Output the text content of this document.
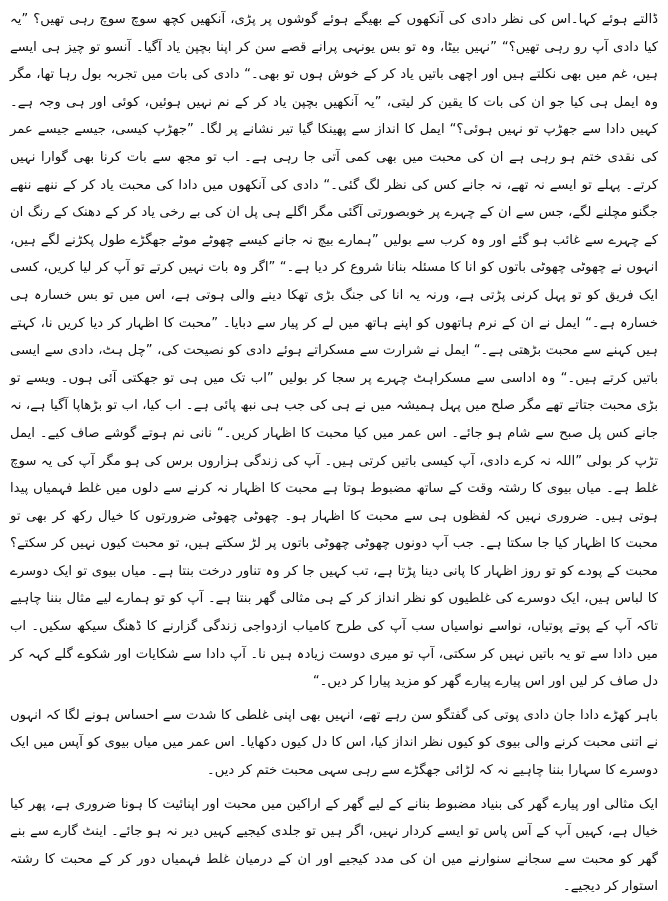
ڈالتے ہوئے کہا۔اس کی نظر دادی کی آنکھوں کے بھیگے ہوئے گوشوں پر پڑی، آنکھیں کچھ سوچ سوچ رہی تھیں؟ ”یہ کیا دادی آپ رو رہی تھیں؟“ ”نہیں بیٹا، وہ تو بس یونہی پرانے قصے سن کر اپنا بچپن یاد آگیا۔ آنسو تو چیز ہی ایسے ہیں، غم میں بھی نکلتے ہیں اور اچھی باتیں یاد کر کے خوش ہوں تو بھی۔“ دادی کی بات میں تجربہ بول رہا تھا، مگر وہ ایمل ہی کیا جو ان کی بات کا یقین کر لیتی، ”یہ آنکھیں بچپن یاد کر کے نم نہیں ہوئیں، کوئی اور ہی وجہ ہے۔ کہیں دادا سے جھڑپ تو نہیں ہوئی؟“ ایمل کا انداز سے پھینکا گیا تیر نشانے پر لگا۔ ”جھڑپ کیسی، جیسے جیسے عمر کی نقدی ختم ہو رہی ہے ان کی محبت میں بھی کمی آتی جا رہی ہے۔ اب تو مجھ سے بات کرنا بھی گوارا نہیں کرتے۔ پہلے تو ایسے نہ تھے، نہ جانے کس کی نظر لگ گئی۔“ دادی کی آنکھوں میں دادا کی محبت یاد کر کے ننھے ننھے جگنو مچلنے لگے، جس سے ان کے چہرے پر خوبصورتی آگئی مگر اگلے ہی پل ان کی بے رخی یاد کر کے دھنک کے رنگ ان کے چہرے سے غائب ہو گئے اور وہ کرب سے بولیں ”ہمارے بیچ نہ جانے کیسے چھوٹے موٹے جھگڑے طول پکڑنے لگے ہیں، انہوں نے چھوٹی چھوٹی باتوں کو انا کا مسئلہ بنانا شروع کر دیا ہے۔“ ”اگر وہ بات نہیں کرتے تو آپ کر لیا کریں، کسی ایک فریق کو تو پہل کرنی پڑتی ہے، ورنہ یہ انا کی جنگ بڑی تھکا دینے والی ہوتی ہے، اس میں تو بس خسارہ ہی خسارہ ہے۔“ ایمل نے ان کے نرم ہاتھوں کو اپنے ہاتھ میں لے کر پیار سے دبایا۔ ”محبت کا اظہار کر دیا کریں نا، کہتے ہیں کہنے سے محبت بڑھتی ہے۔“ ایمل نے شرارت سے مسکراتے ہوئے دادی کو نصیحت کی، ”چل ہٹ، دادی سے ایسی باتیں کرتے ہیں۔“ وہ اداسی سے مسکراہٹ چہرے پر سجا کر بولیں ”اب تک میں ہی تو جھکتی آئی ہوں۔ ویسے تو بڑی محبت جتاتے تھے مگر صلح میں پہل ہمیشہ میں نے ہی کی جب ہی نبھ پائی ہے۔ اب کیا، اب تو بڑھاپا آگیا ہے، نہ جانے کس پل صبح سے شام ہو جائے۔ اس عمر میں کیا محبت کا اظہار کریں۔“ نانی نم ہوتے گوشے صاف کیے۔ ایمل تڑپ کر بولی ”اللہ نہ کرے دادی، آپ کیسی باتیں کرتی ہیں۔ آپ کی زندگی ہزاروں برس کی ہو مگر آپ کی یہ سوچ غلط ہے۔ میاں بیوی کا رشتہ وقت کے ساتھ مضبوط ہوتا ہے محبت کا اظہار نہ کرنے سے دلوں میں غلط فہمیاں پیدا ہوتی ہیں۔ ضروری نہیں کہ لفظوں ہی سے محبت کا اظہار ہو۔ چھوٹی چھوٹی ضرورتوں کا خیال رکھ کر بھی تو محبت کا اظہار کیا جا سکتا ہے۔ جب آپ دونوں چھوٹی چھوٹی باتوں پر لڑ سکتے ہیں، تو محبت کیوں نہیں کر سکتے؟ محبت کے پودے کو تو روز اظہار کا پانی دینا پڑتا ہے، تب کہیں جا کر وہ تناور درخت بنتا ہے۔ میاں بیوی تو ایک دوسرے کا لباس ہیں، ایک دوسرے کی غلطیوں کو نظر انداز کر کے ہی مثالی گھر بنتا ہے۔ آپ کو تو ہمارے لیے مثال بننا چاہیے تاکہ آپ کے پوتے پوتیاں، نواسے نواسیاں سب آپ کی طرح کامیاب ازدواجی زندگی گزارنے کا ڈھنگ سیکھ سکیں۔ اب میں دادا سے تو یہ باتیں نہیں کر سکتی، آپ تو میری دوست زیادہ ہیں نا۔ آپ دادا سے شکایات اور شکوے گلے کہہ کر دل صاف کر لیں اور اس پیارے پیارے گھر کو مزید پیارا کر دیں۔“

باہر کھڑے دادا جان دادی پوتی کی گفتگو سن رہے تھے، انہیں بھی اپنی غلطی کا شدت سے احساس ہونے لگا کہ انہوں نے اتنی محبت کرنے والی بیوی کو کیوں نظر انداز کیا، اس کا دل کیوں دکھایا۔ اس عمر میں میاں بیوی کو آپس میں ایک دوسرے کا سہارا بننا چاہیے نہ کہ لڑائی جھگڑے سے رہی سہی محبت ختم کر دیں۔

ایک مثالی اور پیارے گھر کی بنیاد مضبوط بنانے کے لیے گھر کے اراکین میں محبت اور اپنائیت کا ہونا ضروری ہے، پھر کیا خیال ہے، کہیں آپ کے آس پاس تو ایسے کردار نہیں، اگر ہیں تو جلدی کیجیے کہیں دیر نہ ہو جائے۔ اینٹ گارے سے بنے گھر کو محبت سے سجانے سنوارنے میں ان کی مدد کیجیے اور ان کے درمیان غلط فہمیاں دور کر کے محبت کا رشتہ استوار کر دیجیے۔
